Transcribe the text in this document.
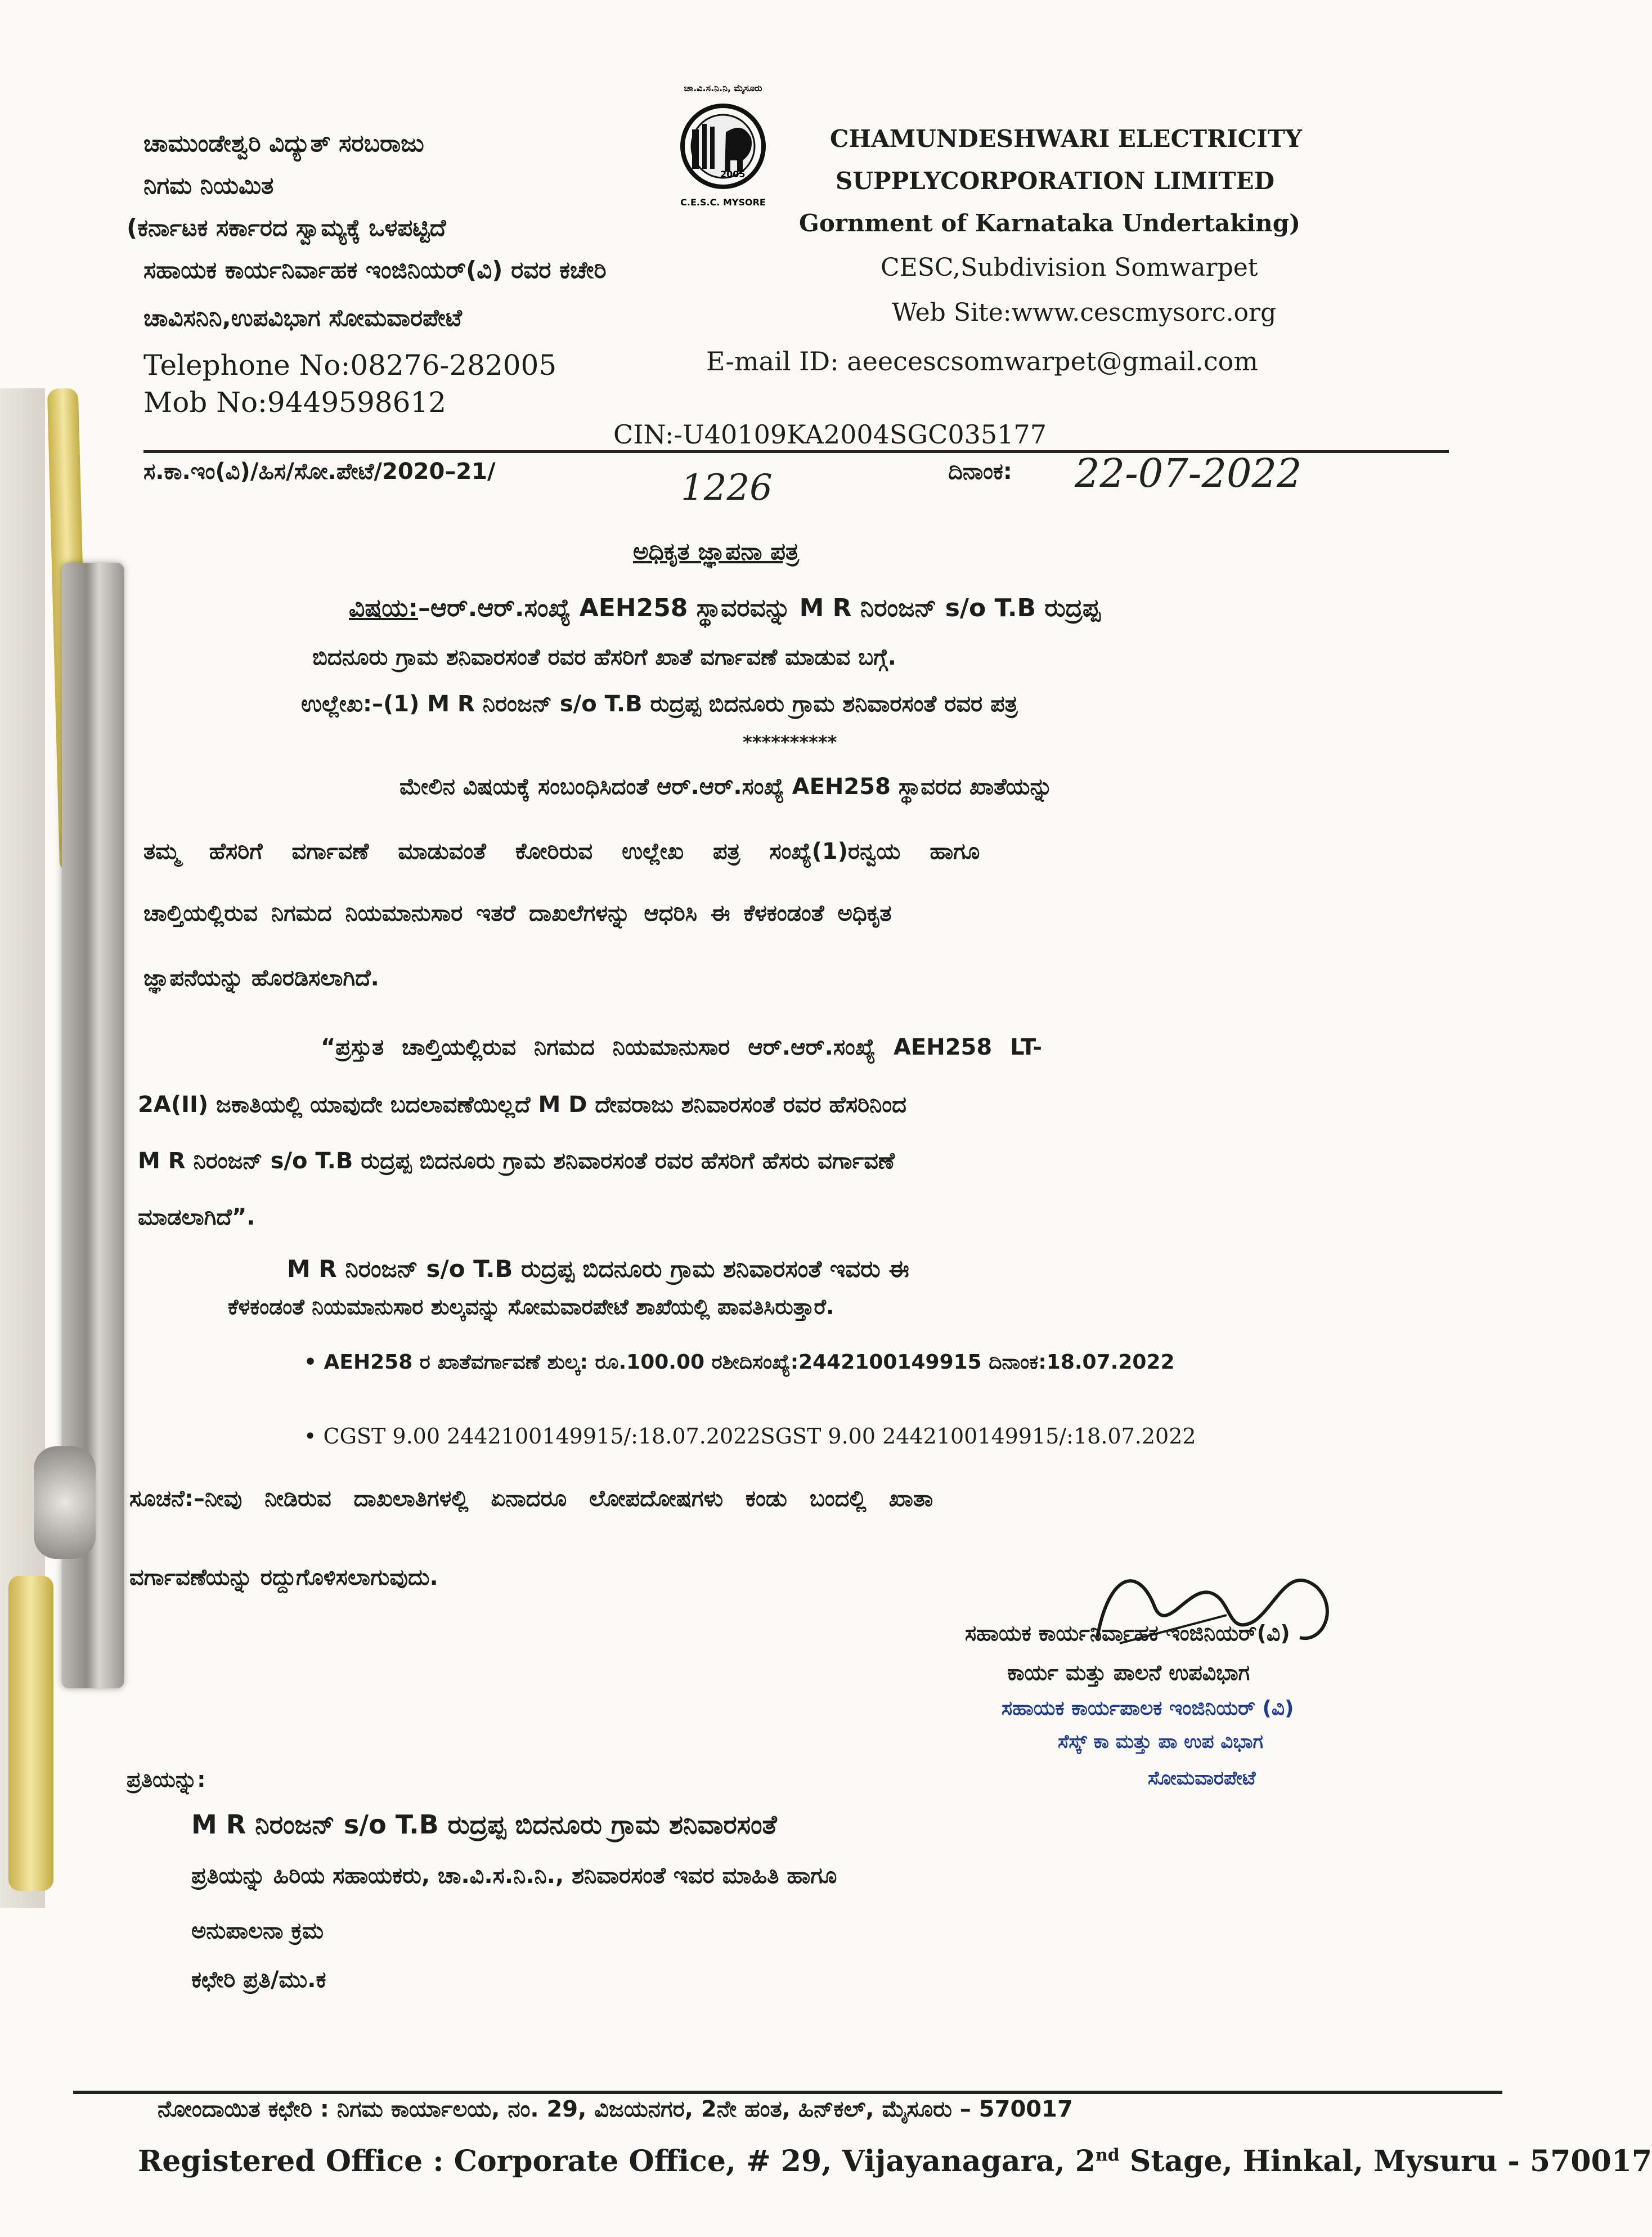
ಚಾಮುಂಡೇಶ್ವರಿ ವಿದ್ಯುತ್ ಸರಬರಾಜು
ನಿಗಮ ನಿಯಮಿತ
(ಕರ್ನಾಟಕ ಸರ್ಕಾರದ ಸ್ವಾಮ್ಯಕ್ಕೆ ಒಳಪಟ್ಟಿದೆ
ಸಹಾಯಕ ಕಾರ್ಯನಿರ್ವಾಹಕ ಇಂಜಿನಿಯರ್(ವಿ) ರವರ ಕಚೇರಿ
ಚಾವಿಸನಿನಿ,ಉಪವಿಭಾಗ ಸೋಮವಾರಪೇಟೆ
ಚಾ.ವಿ.ಸ.ನಿ.ನಿ, ಮೈಸೂರು
2005
C.E.S.C. MYSORE
CHAMUNDESHWARI ELECTRICITY
SUPPLYCORPORATION LIMITED
Gornment of Karnataka Undertaking)
CESC,Subdivision Somwarpet
Web Site:www.cescmysorc.org
Telephone No:08276-282005	E-mail ID: aeecescsomwarpet@gmail.com
Mob No:9449598612
CIN:-U40109KA2004SGC035177
ಸ.ಕಾ.ಇಂ(ವಿ)/ಹಿಸ/ಸೋ.ಪೇಟೆ/2020–21/	1226	ದಿನಾಂಕ: 22-07-2022
ಅಧಿಕೃತ ಜ್ಞಾಪನಾ ಪತ್ರ
ವಿಷಯ:–ಆರ್.ಆರ್.ಸಂಖ್ಯೆ AEH258 ಸ್ಥಾವರವನ್ನು M R ನಿರಂಜನ್ s/o T.B ರುದ್ರಪ್ಪ
ಬಿದನೂರು ಗ್ರಾಮ ಶನಿವಾರಸಂತೆ ರವರ ಹೆಸರಿಗೆ ಖಾತೆ ವರ್ಗಾವಣೆ ಮಾಡುವ ಬಗ್ಗೆ.
ಉಲ್ಲೇಖ:–(1) M R ನಿರಂಜನ್ s/o T.B ರುದ್ರಪ್ಪ ಬಿದನೂರು ಗ್ರಾಮ ಶನಿವಾರಸಂತೆ ರವರ ಪತ್ರ
**********
ಮೇಲಿನ ವಿಷಯಕ್ಕೆ ಸಂಬಂಧಿಸಿದಂತೆ ಆರ್.ಆರ್.ಸಂಖ್ಯೆ AEH258 ಸ್ಥಾವರದ ಖಾತೆಯನ್ನು
ತಮ್ಮ ಹೆಸರಿಗೆ ವರ್ಗಾವಣೆ ಮಾಡುವಂತೆ ಕೋರಿರುವ ಉಲ್ಲೇಖ ಪತ್ರ ಸಂಖ್ಯೆ(1)ರನ್ವಯ ಹಾಗೂ
ಚಾಲ್ತಿಯಲ್ಲಿರುವ ನಿಗಮದ ನಿಯಮಾನುಸಾರ ಇತರೆ ದಾಖಲೆಗಳನ್ನು ಆಧರಿಸಿ ಈ ಕೆಳಕಂಡಂತೆ ಅಧಿಕೃತ
ಜ್ಞಾಪನೆಯನ್ನು ಹೊರಡಿಸಲಾಗಿದೆ.
“ಪ್ರಸ್ತುತ ಚಾಲ್ತಿಯಲ್ಲಿರುವ ನಿಗಮದ ನಿಯಮಾನುಸಾರ ಆರ್.ಆರ್.ಸಂಖ್ಯೆ AEH258 LT-
2A(II) ಜಕಾತಿಯಲ್ಲಿ ಯಾವುದೇ ಬದಲಾವಣೆಯಿಲ್ಲದೆ M D ದೇವರಾಜು ಶನಿವಾರಸಂತೆ ರವರ ಹೆಸರಿನಿಂದ
M R ನಿರಂಜನ್ s/o T.B ರುದ್ರಪ್ಪ ಬಿದನೂರು ಗ್ರಾಮ ಶನಿವಾರಸಂತೆ ರವರ ಹೆಸರಿಗೆ ಹೆಸರು ವರ್ಗಾವಣೆ
ಮಾಡಲಾಗಿದೆ”.
M R ನಿರಂಜನ್ s/o T.B ರುದ್ರಪ್ಪ ಬಿದನೂರು ಗ್ರಾಮ ಶನಿವಾರಸಂತೆ ಇವರು ಈ
ಕೆಳಕಂಡಂತೆ ನಿಯಮಾನುಸಾರ ಶುಲ್ಕವನ್ನು ಸೋಮವಾರಪೇಟೆ ಶಾಖೆಯಲ್ಲಿ ಪಾವತಿಸಿರುತ್ತಾರೆ.
• AEH258 ರ ಖಾತೆವರ್ಗಾವಣೆ ಶುಲ್ಕ: ರೂ.100.00 ರಶೀದಿಸಂಖ್ಯೆ:2442100149915 ದಿನಾಂಕ:18.07.2022
• CGST 9.00 2442100149915/:18.07.2022SGST 9.00 2442100149915/:18.07.2022
ಸೂಚನೆ:–ನೀವು ನೀಡಿರುವ ದಾಖಲಾತಿಗಳಲ್ಲಿ ಏನಾದರೂ ಲೋಪದೋಷಗಳು ಕಂಡು ಬಂದಲ್ಲಿ ಖಾತಾ
ವರ್ಗಾವಣೆಯನ್ನು ರದ್ದುಗೊಳಿಸಲಾಗುವುದು.
ಸಹಾಯಕ ಕಾರ್ಯನಿರ್ವಾಹಕ ಇಂಜಿನಿಯರ್(ವಿ)
ಕಾರ್ಯ ಮತ್ತು ಪಾಲನೆ ಉಪವಿಭಾಗ
ಸಹಾಯಕ ಕಾರ್ಯಪಾಲಕ ಇಂಜಿನಿಯರ್ (ವಿ)
ಸೆಸ್ಕ್ ಕಾ ಮತ್ತು ಪಾ ಉಪ ವಿಭಾಗ
ಸೋಮವಾರಪೇಟೆ
ಪ್ರತಿಯನ್ನು:
M R ನಿರಂಜನ್ s/o T.B ರುದ್ರಪ್ಪ ಬಿದನೂರು ಗ್ರಾಮ ಶನಿವಾರಸಂತೆ
ಪ್ರತಿಯನ್ನು ಹಿರಿಯ ಸಹಾಯಕರು, ಚಾ.ವಿ.ಸ.ನಿ.ನಿ., ಶನಿವಾರಸಂತೆ ಇವರ ಮಾಹಿತಿ ಹಾಗೂ
ಅನುಪಾಲನಾ ಕ್ರಮ
ಕಛೇರಿ ಪ್ರತಿ/ಮು.ಕ
ನೋಂದಾಯಿತ ಕಛೇರಿ : ನಿಗಮ ಕಾರ್ಯಾಲಯ, ನಂ. 29, ವಿಜಯನಗರ, 2ನೇ ಹಂತ, ಹಿನ್‌ಕಲ್, ಮೈಸೂರು – 570017
Registered Office : Corporate Office, # 29, Vijayanagara, 2nd Stage, Hinkal, Mysuru - 570017
